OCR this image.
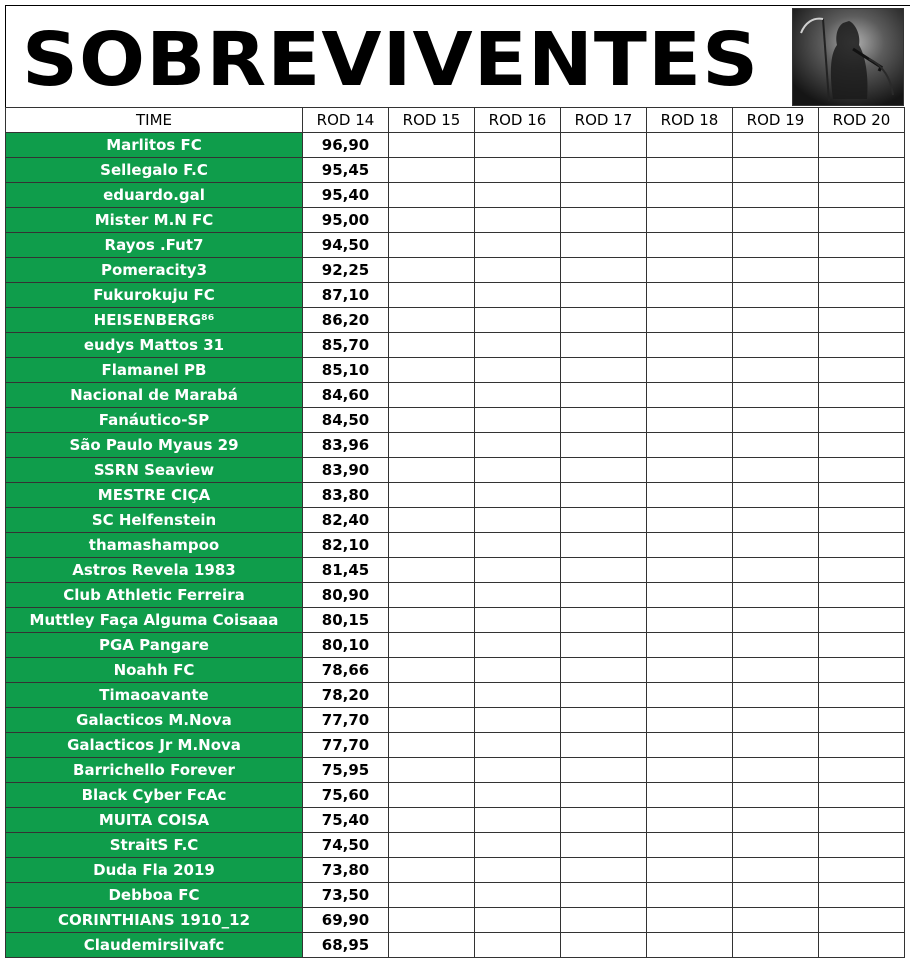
SOBREVIVENTES
TIME	ROD 14	ROD 15	ROD 16	ROD 17	ROD 18	ROD 19	ROD 20
Marlitos FC	96,90						
Sellegalo F.C	95,45						
eduardo.gal	95,40						
Mister M.N FC	95,00						
Rayos .Fut7	94,50						
Pomeracity3	92,25						
Fukurokuju FC	87,10						
HEISENBERG⁸⁶	86,20						
eudys Mattos 31	85,70						
Flamanel PB	85,10						
Nacional de Marabá	84,60						
Fanáutico-SP	84,50						
São Paulo Myaus 29	83,96						
SSRN Seaview	83,90						
MESTRE CIÇA	83,80						
SC Helfenstein	82,40						
thamashampoo	82,10						
Astros Revela 1983	81,45						
Club Athletic Ferreira	80,90						
Muttley Faça Alguma Coisaaa	80,15						
PGA Pangare	80,10						
Noahh FC	78,66						
Timaoavante	78,20						
Galacticos M.Nova	77,70						
Galacticos Jr M.Nova	77,70						
Barrichello Forever	75,95						
Black Cyber FcAc	75,60						
MUITA COISA	75,40						
StraitS F.C	74,50						
Duda Fla 2019	73,80						
Debboa FC	73,50						
CORINTHIANS 1910_12	69,90						
Claudemirsilvafc	68,95						
